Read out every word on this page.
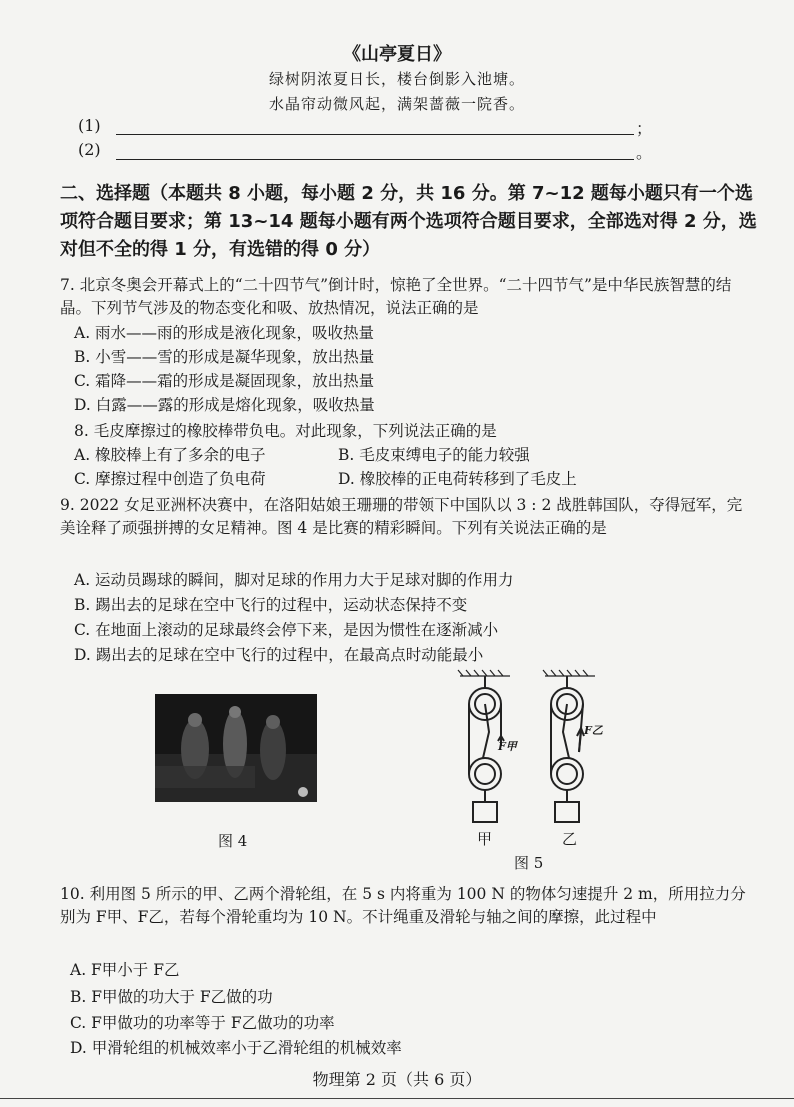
《山亭夏日》
绿树阴浓夏日长，楼台倒影入池塘。
水晶帘动微风起，满架蔷薇一院香。
(1)	；
(2)	。
二、选择题（本题共 8 小题，每小题 2 分，共 16 分。第 7~12 题每小题只有一个选项符合题目要求；第 13~14 题每小题有两个选项符合题目要求，全部选对得 2 分，选对但不全的得 1 分，有选错的得 0 分）
7. 北京冬奥会开幕式上的“二十四节气”倒计时，惊艳了全世界。“二十四节气”是中华民族智慧的结晶。下列节气涉及的物态变化和吸、放热情况，说法正确的是
A. 雨水——雨的形成是液化现象，吸收热量
B. 小雪——雪的形成是凝华现象，放出热量
C. 霜降——霜的形成是凝固现象，放出热量
D. 白露——露的形成是熔化现象，吸收热量
8. 毛皮摩擦过的橡胶棒带负电。对此现象，下列说法正确的是
A. 橡胶棒上有了多余的电子	B. 毛皮束缚电子的能力较强
C. 摩擦过程中创造了负电荷	D. 橡胶棒的正电荷转移到了毛皮上
9. 2022 女足亚洲杯决赛中，在洛阳姑娘王珊珊的带领下中国队以 3 : 2 战胜韩国队，夺得冠军，完美诠释了顽强拼搏的女足精神。图 4 是比赛的精彩瞬间。下列有关说法正确的是
A. 运动员踢球的瞬间，脚对足球的作用力大于足球对脚的作用力
B. 踢出去的足球在空中飞行的过程中，运动状态保持不变
C. 在地面上滚动的足球最终会停下来，是因为惯性在逐渐减小
D. 踢出去的足球在空中飞行的过程中，在最高点时动能最小
图 4
F甲
F乙
甲	乙
图 5
10. 利用图 5 所示的甲、乙两个滑轮组，在 5 s 内将重为 100 N 的物体匀速提升 2 m，所用拉力分别为 F甲、F乙，若每个滑轮重均为 10 N。不计绳重及滑轮与轴之间的摩擦，此过程中
A. F甲小于 F乙
B. F甲做的功大于 F乙做的功
C. F甲做功的功率等于 F乙做功的功率
D. 甲滑轮组的机械效率小于乙滑轮组的机械效率
物理第 2 页（共 6 页）
